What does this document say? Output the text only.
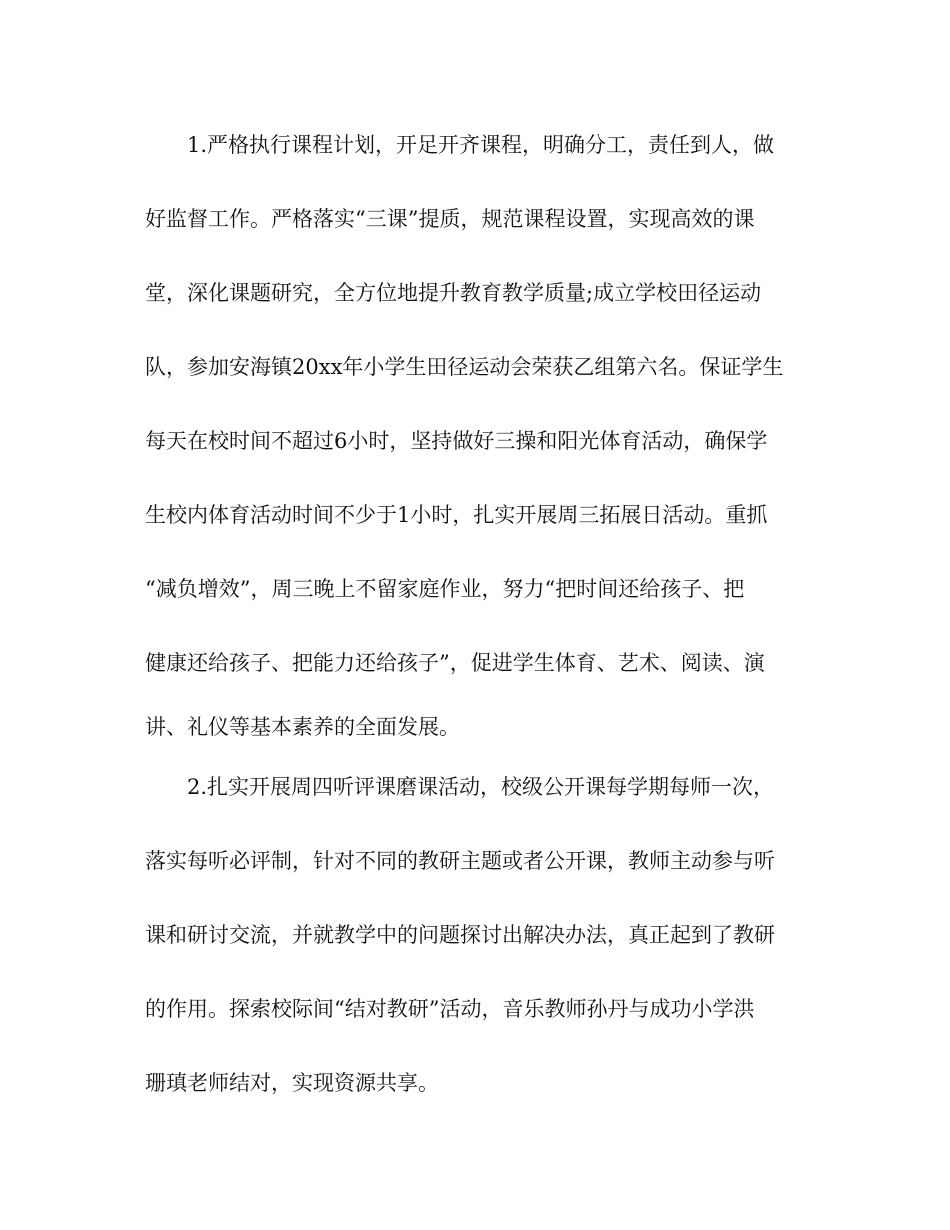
1.严格执行课程计划，开足开齐课程，明确分工，责任到人，做
好监督工作。严格落实“三课”提质，规范课程设置，实现高效的课
堂，深化课题研究，全方位地提升教育教学质量;成立学校田径运动
队，参加安海镇20xx年小学生田径运动会荣获乙组第六名。保证学生
每天在校时间不超过6小时，坚持做好三操和阳光体育活动，确保学
生校内体育活动时间不少于1小时，扎实开展周三拓展日活动。重抓
“减负增效”，周三晚上不留家庭作业，努力“把时间还给孩子、把
健康还给孩子、把能力还给孩子”，促进学生体育、艺术、阅读、演
讲、礼仪等基本素养的全面发展。
2.扎实开展周四听评课磨课活动，校级公开课每学期每师一次，
落实每听必评制，针对不同的教研主题或者公开课，教师主动参与听
课和研讨交流，并就教学中的问题探讨出解决办法，真正起到了教研
的作用。探索校际间“结对教研”活动，音乐教师孙丹与成功小学洪
珊瑱老师结对，实现资源共享。
